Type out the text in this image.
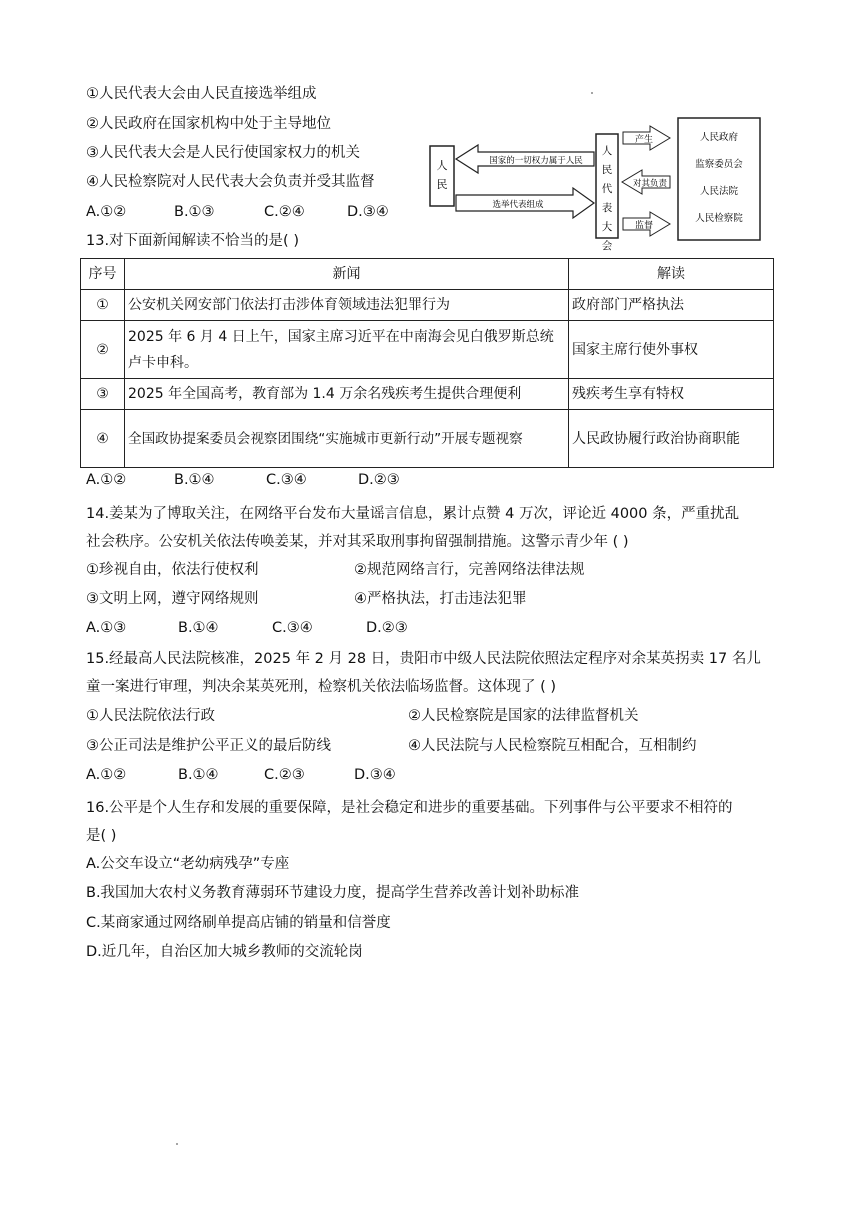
①人民代表大会由人民直接选举组成
②人民政府在国家机构中处于主导地位
③人民代表大会是人民行使国家权力的机关
④人民检察院对人民代表大会负责并受其监督
A.①②	B.①③	C.②④	D.③④
人
民
国家的一切权力属于人民
选举代表组成
人
民
代
表
大
会
产生
对其负责
监督
人民政府
监察委员会
人民法院
人民检察院
13.对下面新闻解读不恰当的是( )
序号	新闻	解读
①	公安机关网安部门依法打击涉体育领域违法犯罪行为	政府部门严格执法
②	2025 年 6 月 4 日上午，国家主席习近平在中南海会见白俄罗斯总统卢卡申科。	国家主席行使外事权
③	2025 年全国高考，教育部为 1.4 万余名残疾考生提供合理便利	残疾考生享有特权
④	全国政协提案委员会视察团围绕“实施城市更新行动”开展专题视察	人民政协履行政治协商职能
A.①②	B.①④	C.③④	D.②③
14.姜某为了博取关注，在网络平台发布大量谣言信息，累计点赞 4 万次，评论近 4000 条，严重扰乱
社会秩序。公安机关依法传唤姜某，并对其采取刑事拘留强制措施。这警示青少年 ( )
①珍视自由，依法行使权利	②规范网络言行，完善网络法律法规
③文明上网，遵守网络规则	④严格执法，打击违法犯罪
A.①③	B.①④	C.③④	D.②③
15.经最高人民法院核准，2025 年 2 月 28 日，贵阳市中级人民法院依照法定程序对余某英拐卖 17 名儿
童一案进行审理，判决余某英死刑，检察机关依法临场监督。这体现了 ( )
①人民法院依法行政	②人民检察院是国家的法律监督机关
③公正司法是维护公平正义的最后防线	④人民法院与人民检察院互相配合，互相制约
A.①②	B.①④	C.②③	D.③④
16.公平是个人生存和发展的重要保障，是社会稳定和进步的重要基础。下列事件与公平要求不相符的
是( )
A.公交车设立“老幼病残孕”专座
B.我国加大农村义务教育薄弱环节建设力度，提高学生营养改善计划补助标准
C.某商家通过网络刷单提高店铺的销量和信誉度
D.近几年，自治区加大城乡教师的交流轮岗
